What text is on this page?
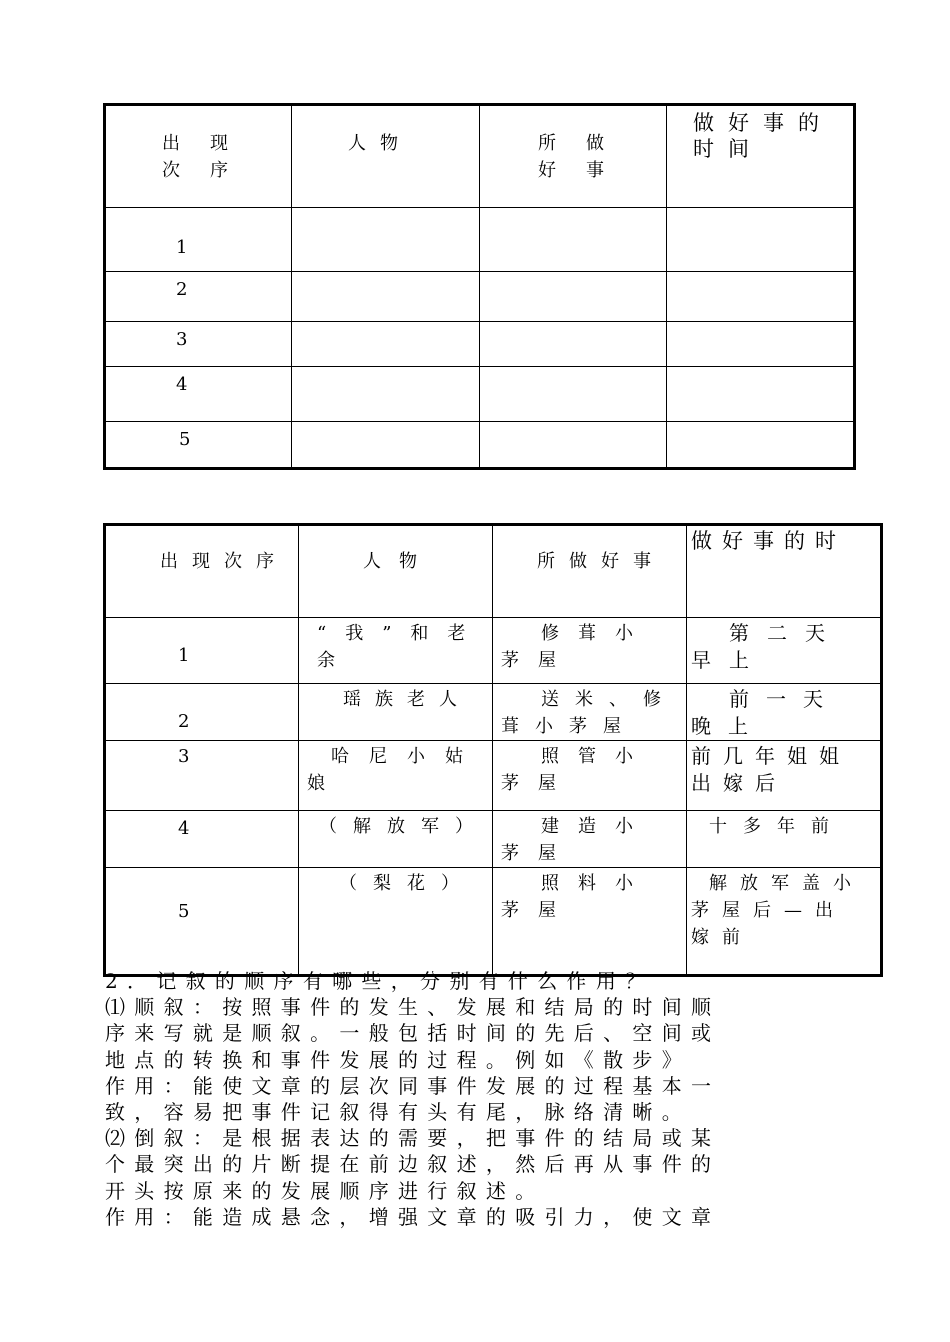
出现次序	人物	所做好事	做好事的时间
1			
2			
3			
4			
5			
出现次序	人物	所做好事	做好事的时
1	“我”和老余	修葺小茅屋	第二天早上
2	瑶族老人	送米、修葺小茅屋	前一天晚上
3	哈尼小姑娘	照管小茅屋	前几年姐姐出嫁后
4	（解放军）	建造小茅屋	十多年前
5	（梨花）	照料小茅屋	解放军盖小茅屋后—出嫁前
2．记叙的顺序有哪些，分别有什么作用？
⑴顺叙：按照事件的发生、发展和结局的时间顺
序来写就是顺叙。一般包括时间的先后、空间或
地点的转换和事件发展的过程。例如《散步》
作用：能使文章的层次同事件发展的过程基本一
致，容易把事件记叙得有头有尾，脉络清晰。
⑵倒叙：是根据表达的需要，把事件的结局或某
个最突出的片断提在前边叙述，然后再从事件的
开头按原来的发展顺序进行叙述。
作用：能造成悬念，增强文章的吸引力，使文章
